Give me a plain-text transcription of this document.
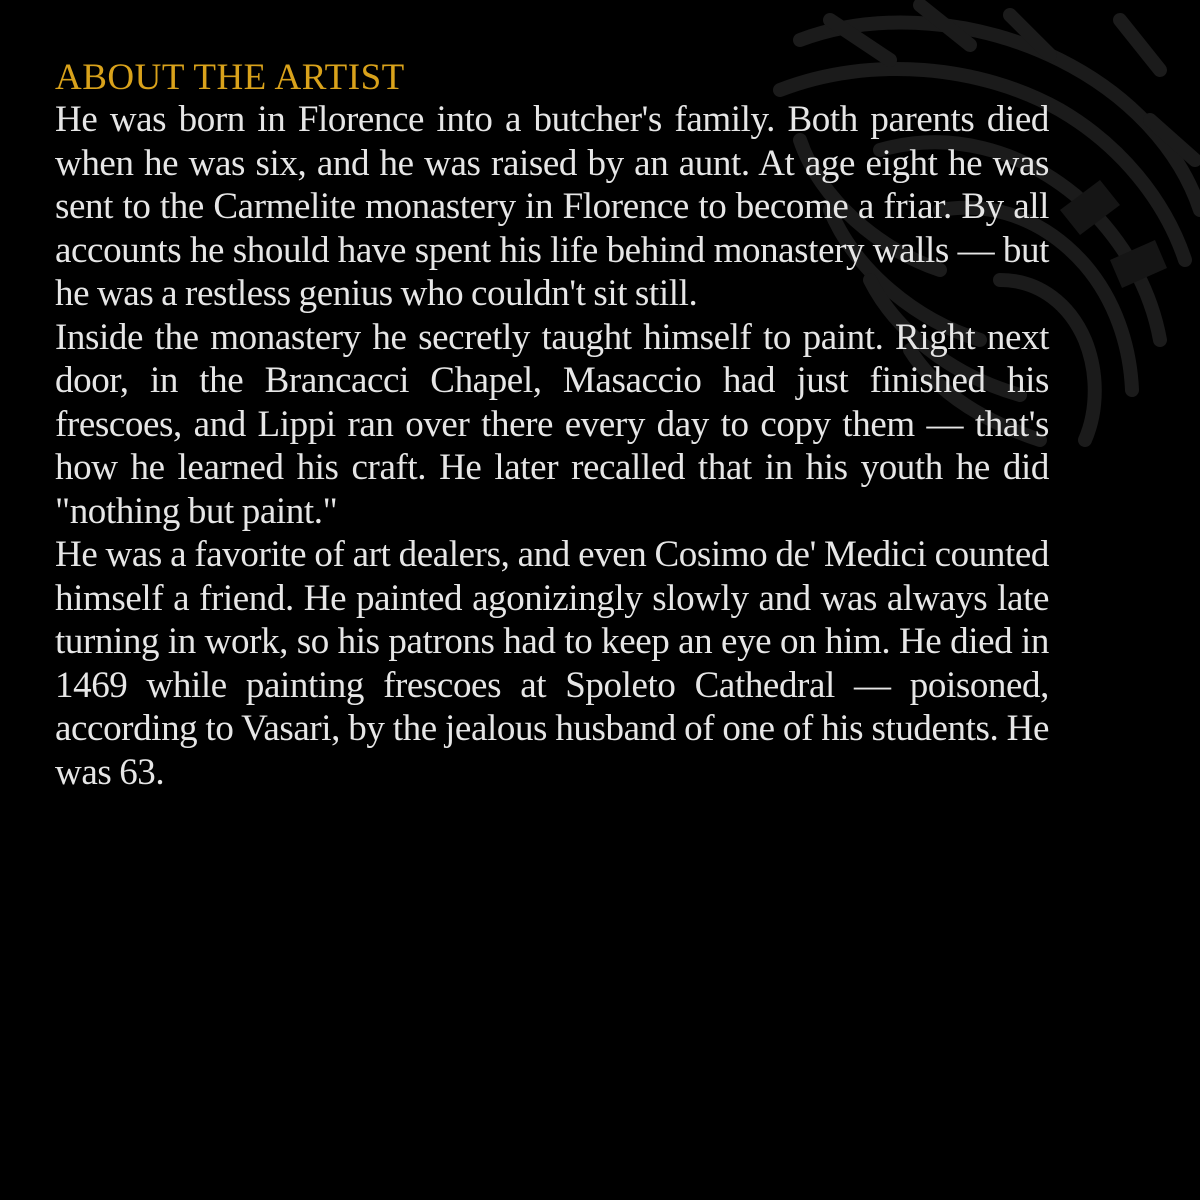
ABOUT THE ARTIST

He was born in Florence into a butcher's family. Both parents died when he was six, and he was raised by an aunt. At age eight he was sent to the Carmelite monastery in Florence to become a friar. By all accounts he should have spent his life behind monastery walls — but he was a restless genius who couldn't sit still.

Inside the monastery he secretly taught himself to paint. Right next door, in the Brancacci Chapel, Masaccio had just finished his frescoes, and Lippi ran over there every day to copy them — that's how he learned his craft. He later recalled that in his youth he did "nothing but paint."

He was a favorite of art dealers, and even Cosimo de' Medici counted himself a friend. He painted agonizingly slowly and was always late turning in work, so his patrons had to keep an eye on him. He died in 1469 while painting frescoes at Spoleto Cathedral — poisoned, according to Vasari, by the jealous husband of one of his students. He was 63.
